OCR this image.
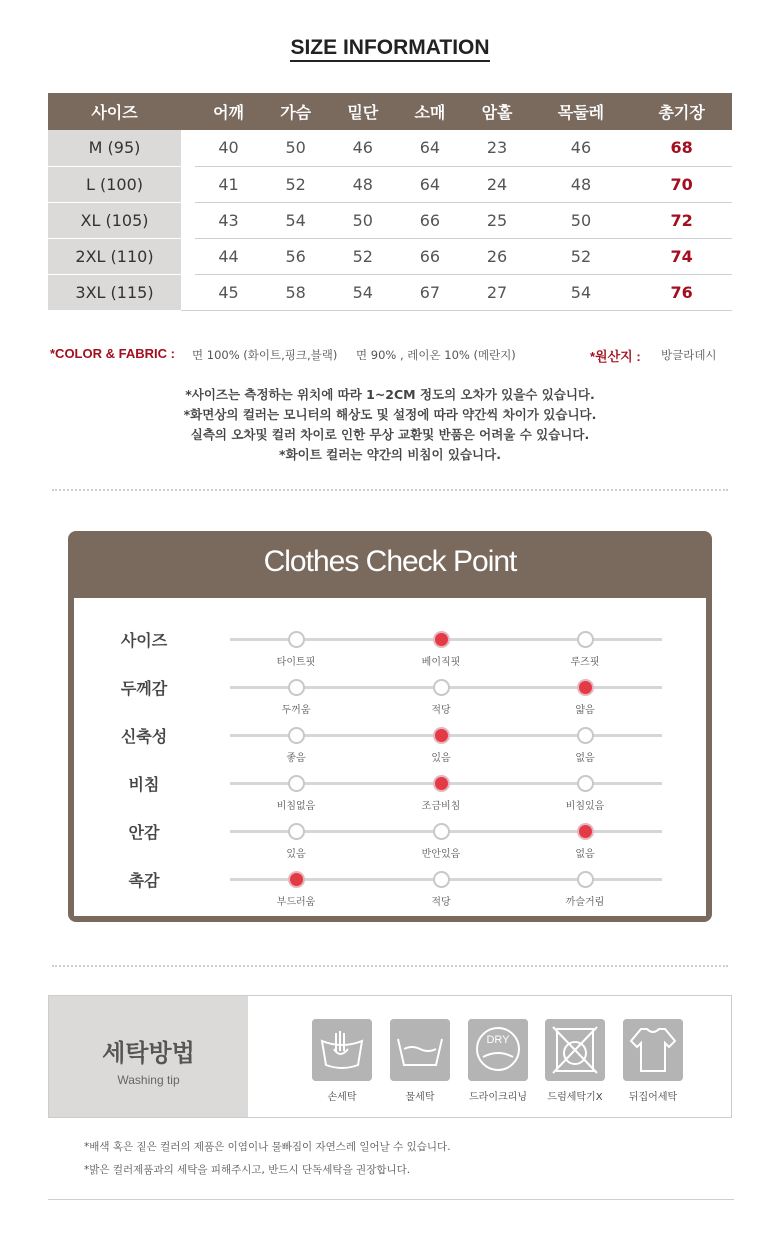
SIZE INFORMATION
사이즈		어깨	가슴	밑단	소매	암홀	목둘레	총기장
M (95)		40	50	46	64	23	46	68
L (100)		41	52	48	64	24	48	70
XL (105)		43	54	50	66	25	50	72
2XL (110)		44	56	52	66	26	52	74
3XL (115)		45	58	54	67	27	54	76
*COLOR & FABRIC : 면 100% (화이트,핑크,블랙) 면 90% , 레이온 10% (메란지)	*원산지 : 방글라데시
*사이즈는 측정하는 위치에 따라 1~2CM 정도의 오차가 있을수 있습니다.
*화면상의 컬러는 모니터의 해상도 및 설정에 따라 약간씩 차이가 있습니다.
실측의 오차및 컬러 차이로 인한 무상 교환및 반품은 어려울 수 있습니다.
*화이트 컬러는 약간의 비침이 있습니다.
Clothes Check Point
사이즈
타이트핏	베이직핏	루즈핏
두께감
두꺼움	적당	얇음
신축성
좋음	있음	없음
비침
비침없음	조금비침	비침있음
안감
있음	반안있음	없음
촉감
부드러움	적당	까슬거림
세탁방법
Washing tip
손세탁	물세탁
DRY
드라이크리닝	드럼세탁기X	뒤집어세탁
*배색 혹은 짙은 컬러의 제품은 이염이나 물빠짐이 자연스레 일어날 수 있습니다.
*밝은 컬러제품과의 세탁을 피해주시고, 반드시 단독세탁을 권장합니다.
